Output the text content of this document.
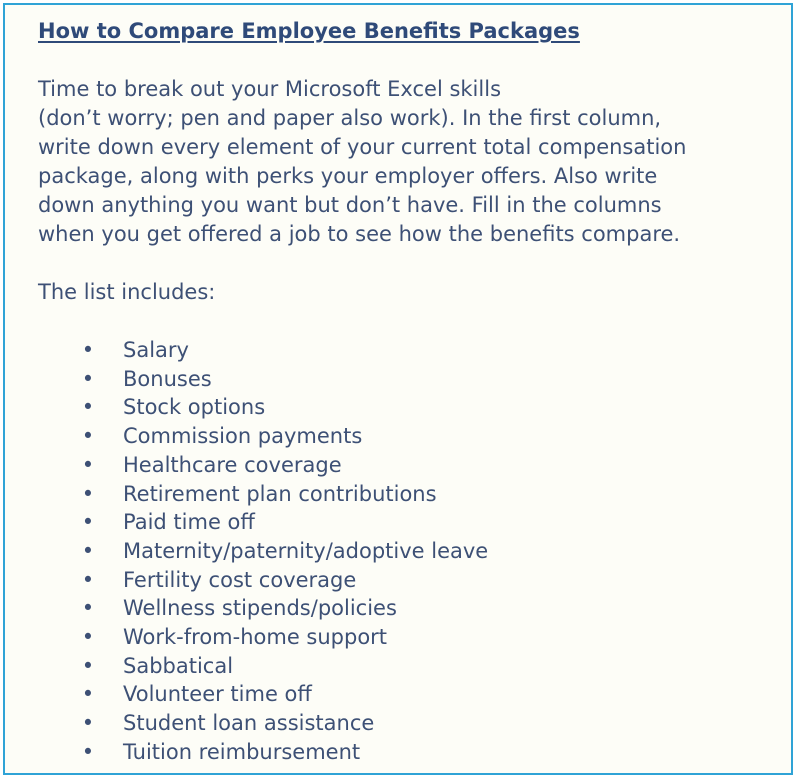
How to Compare Employee Benefits Packages

Time to break out your Microsoft Excel skills
(don’t worry; pen and paper also work). In the first column,
write down every element of your current total compensation
package, along with perks your employer offers. Also write
down anything you want but don’t have. Fill in the columns
when you get offered a job to see how the benefits compare.

The list includes:

• Salary
• Bonuses
• Stock options
• Commission payments
• Healthcare coverage
• Retirement plan contributions
• Paid time off
• Maternity/paternity/adoptive leave
• Fertility cost coverage
• Wellness stipends/policies
• Work-from-home support
• Sabbatical
• Volunteer time off
• Student loan assistance
• Tuition reimbursement
